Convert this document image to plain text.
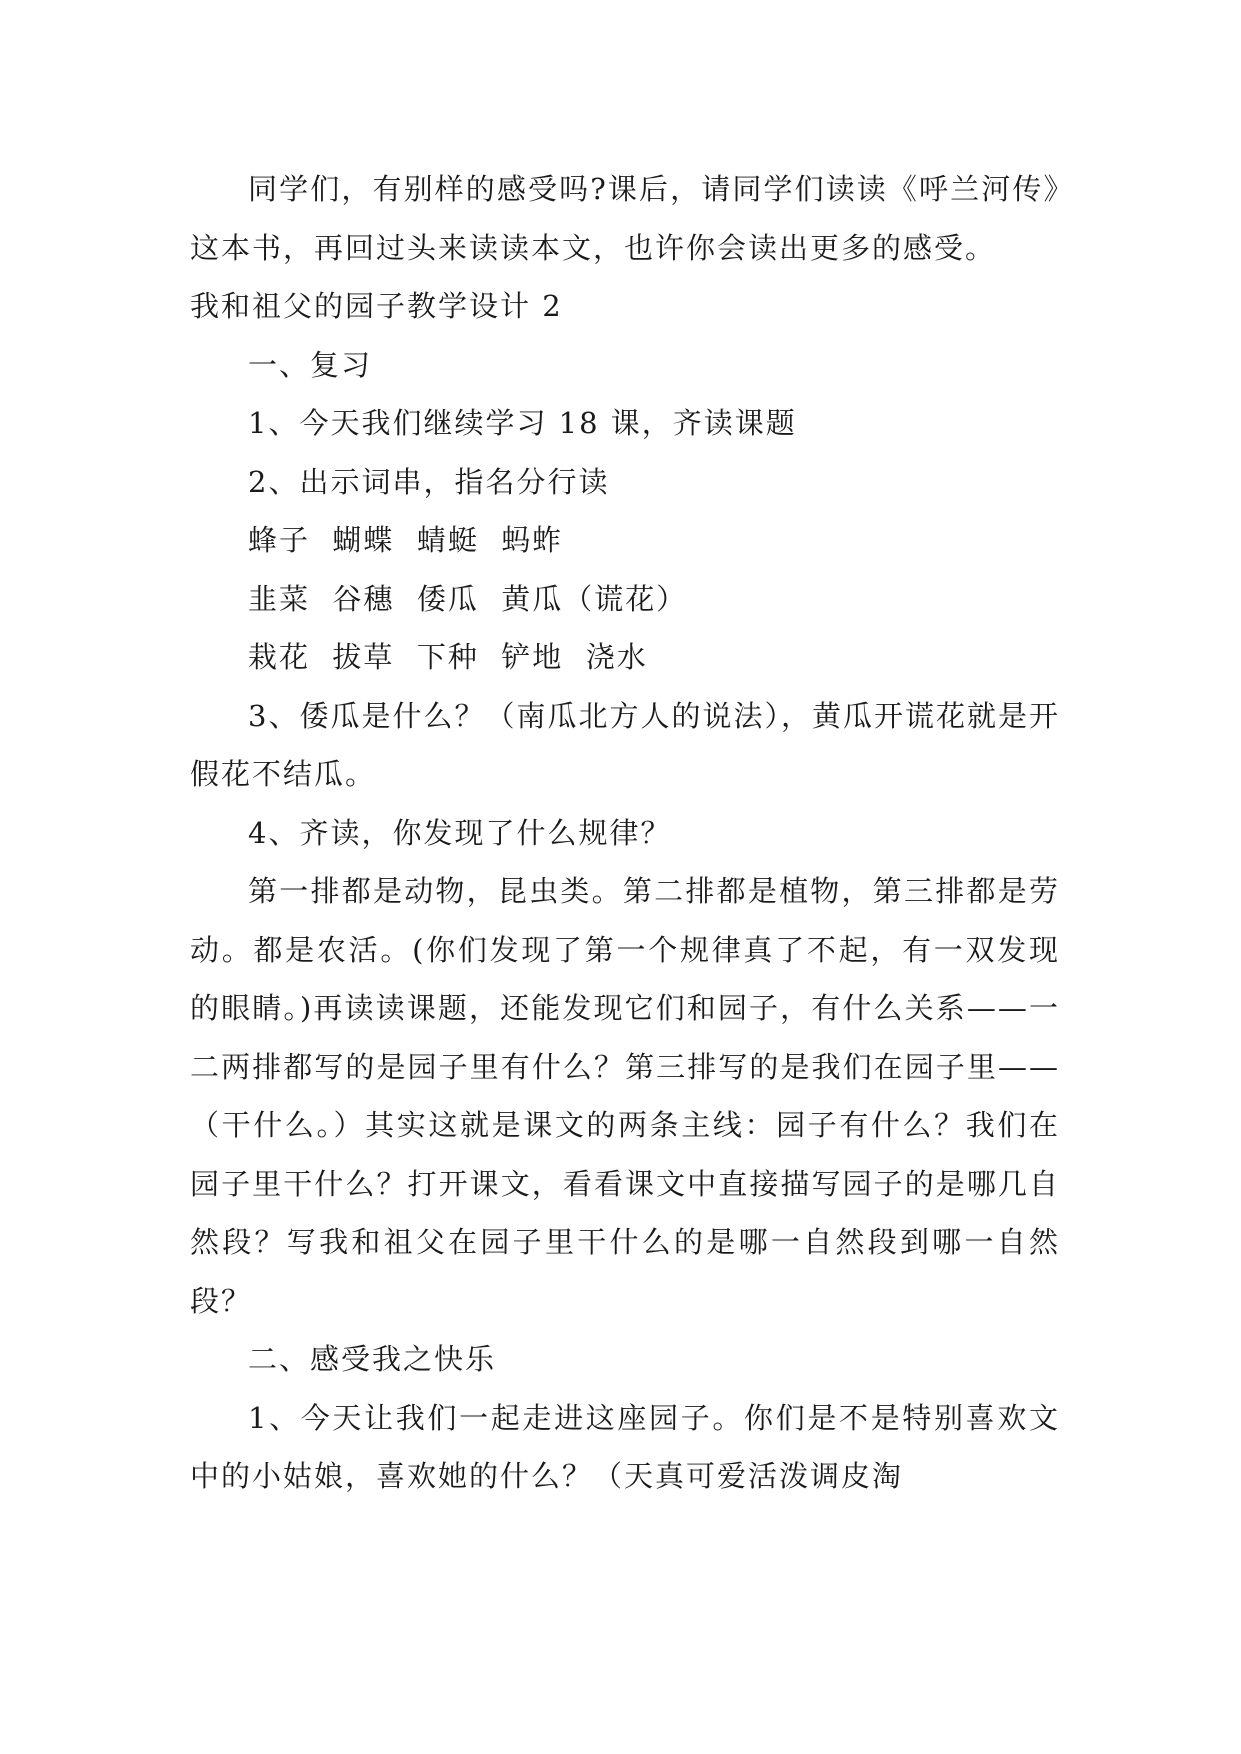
同学们，有别样的感受吗?课后，请同学们读读《呼兰河传》这本书，再回过头来读读本文，也许你会读出更多的感受。

我和祖父的园子教学设计 2

一、复习

1、今天我们继续学习 18 课，齐读课题

2、出示词串，指名分行读

蜂子  蝴蝶  蜻蜓  蚂蚱

韭菜  谷穗  倭瓜  黄瓜（谎花）

栽花  拔草  下种  铲地  浇水

3、倭瓜是什么？（南瓜北方人的说法），黄瓜开谎花就是开假花不结瓜。

4、齐读，你发现了什么规律？

第一排都是动物，昆虫类。第二排都是植物，第三排都是劳动。都是农活。(你们发现了第一个规律真了不起，有一双发现的眼睛。)再读读课题，还能发现它们和园子，有什么关系——一二两排都写的是园子里有什么？第三排写的是我们在园子里——（干什么。）其实这就是课文的两条主线：园子有什么？我们在园子里干什么？打开课文，看看课文中直接描写园子的是哪几自然段？写我和祖父在园子里干什么的是哪一自然段到哪一自然段？

二、感受我之快乐

1、今天让我们一起走进这座园子。你们是不是特别喜欢文中的小姑娘，喜欢她的什么？（天真可爱活泼调皮淘
